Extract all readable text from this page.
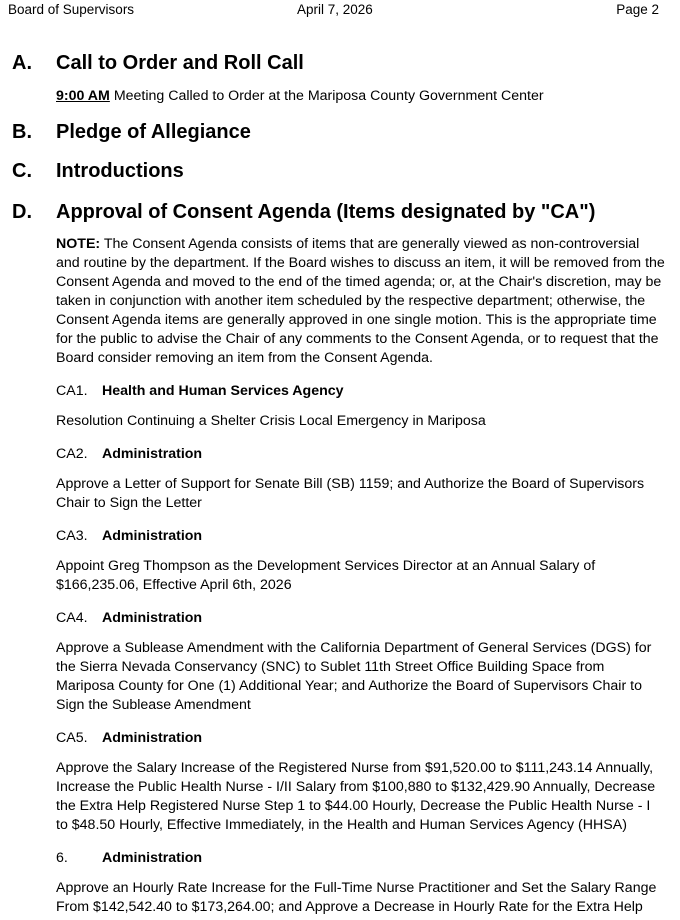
Board of Supervisors	April 7, 2026	Page 2
A. Call to Order and Roll Call
9:00 AM Meeting Called to Order at the Mariposa County Government Center
B. Pledge of Allegiance
C. Introductions
D. Approval of Consent Agenda (Items designated by "CA")
NOTE: The Consent Agenda consists of items that are generally viewed as non-controversial and routine by the department. If the Board wishes to discuss an item, it will be removed from the Consent Agenda and moved to the end of the timed agenda; or, at the Chair's discretion, may be taken in conjunction with another item scheduled by the respective department; otherwise, the Consent Agenda items are generally approved in one single motion. This is the appropriate time for the public to advise the Chair of any comments to the Consent Agenda, or to request that the Board consider removing an item from the Consent Agenda.
CA1. Health and Human Services Agency
Resolution Continuing a Shelter Crisis Local Emergency in Mariposa
CA2. Administration
Approve a Letter of Support for Senate Bill (SB) 1159; and Authorize the Board of Supervisors Chair to Sign the Letter
CA3. Administration
Appoint Greg Thompson as the Development Services Director at an Annual Salary of $166,235.06, Effective April 6th, 2026
CA4. Administration
Approve a Sublease Amendment with the California Department of General Services (DGS) for the Sierra Nevada Conservancy (SNC) to Sublet 11th Street Office Building Space from Mariposa County for One (1) Additional Year; and Authorize the Board of Supervisors Chair to Sign the Sublease Amendment
CA5. Administration
Approve the Salary Increase of the Registered Nurse from $91,520.00 to $111,243.14 Annually, Increase the Public Health Nurse - I/II Salary from $100,880 to $132,429.90 Annually, Decrease the Extra Help Registered Nurse Step 1 to $44.00 Hourly, Decrease the Public Health Nurse - I to $48.50 Hourly, Effective Immediately, in the Health and Human Services Agency (HHSA)
6. Administration
Approve an Hourly Rate Increase for the Full-Time Nurse Practitioner and Set the Salary Range From $142,542.40 to $173,264.00; and Approve a Decrease in Hourly Rate for the Extra Help
